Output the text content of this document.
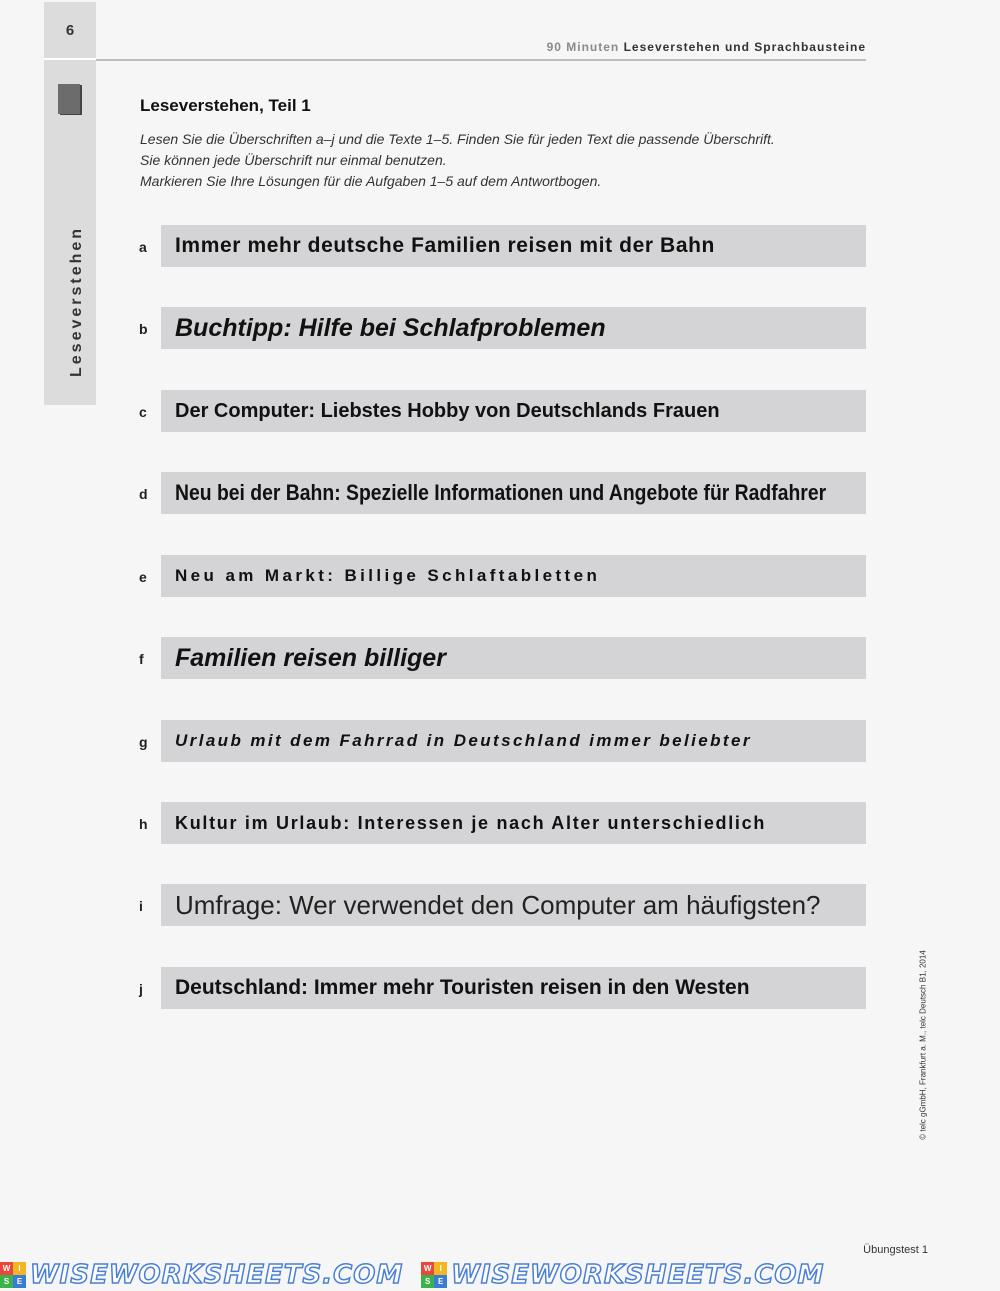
6
Leseverstehen
90 Minuten Leseverstehen und Sprachbausteine
Leseverstehen, Teil 1
Lesen Sie die Überschriften a–j und die Texte 1–5. Finden Sie für jeden Text die passende Überschrift.
Sie können jede Überschrift nur einmal benutzen.
Markieren Sie Ihre Lösungen für die Aufgaben 1–5 auf dem Antwortbogen.
a Immer mehr deutsche Familien reisen mit der Bahn
b Buchtipp: Hilfe bei Schlafproblemen
c	Der Computer: Liebstes Hobby von Deutschlands Frauen
d Neu bei der Bahn: Spezielle Informationen und Angebote für Radfahrer
e	Neu am Markt: Billige Schlaftabletten
f	Familien reisen billiger
g	Urlaub mit dem Fahrrad in Deutschland immer beliebter
h	Kultur im Urlaub: Interessen je nach Alter unterschiedlich
i	Umfrage: Wer verwendet den Computer am häufigsten?
j	Deutschland: Immer mehr Touristen reisen in den Westen	© telc gGmbH, Frankfurt a. M., telc Deutsch B1, 2014
Übungstest 1
W	I
S E WISEWORKSHEETS.COM	W	I
S E WISEWORKSHEETS.COM
